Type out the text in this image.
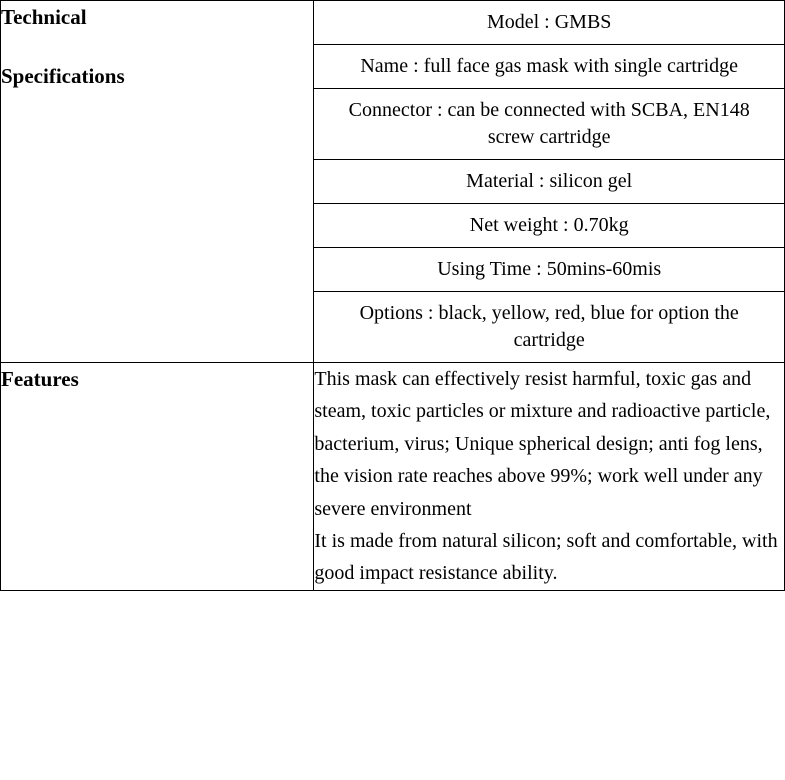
Technical
Specifications

Model : GMBS
Name : full face gas mask with single cartridge
Connector : can be connected with SCBA, EN148 screw cartridge
Material : silicon gel
Net weight : 0.70kg
Using Time : 50mins-60mis
Options : black, yellow, red, blue for option the cartridge

Features	This mask can effectively resist harmful, toxic gas and steam, toxic particles or mixture and radioactive particle, bacterium, virus; Unique spherical design; anti fog lens, the vision rate reaches above 99%; work well under any severe environment

It is made from natural silicon; soft and comfortable, with good impact resistance ability.
